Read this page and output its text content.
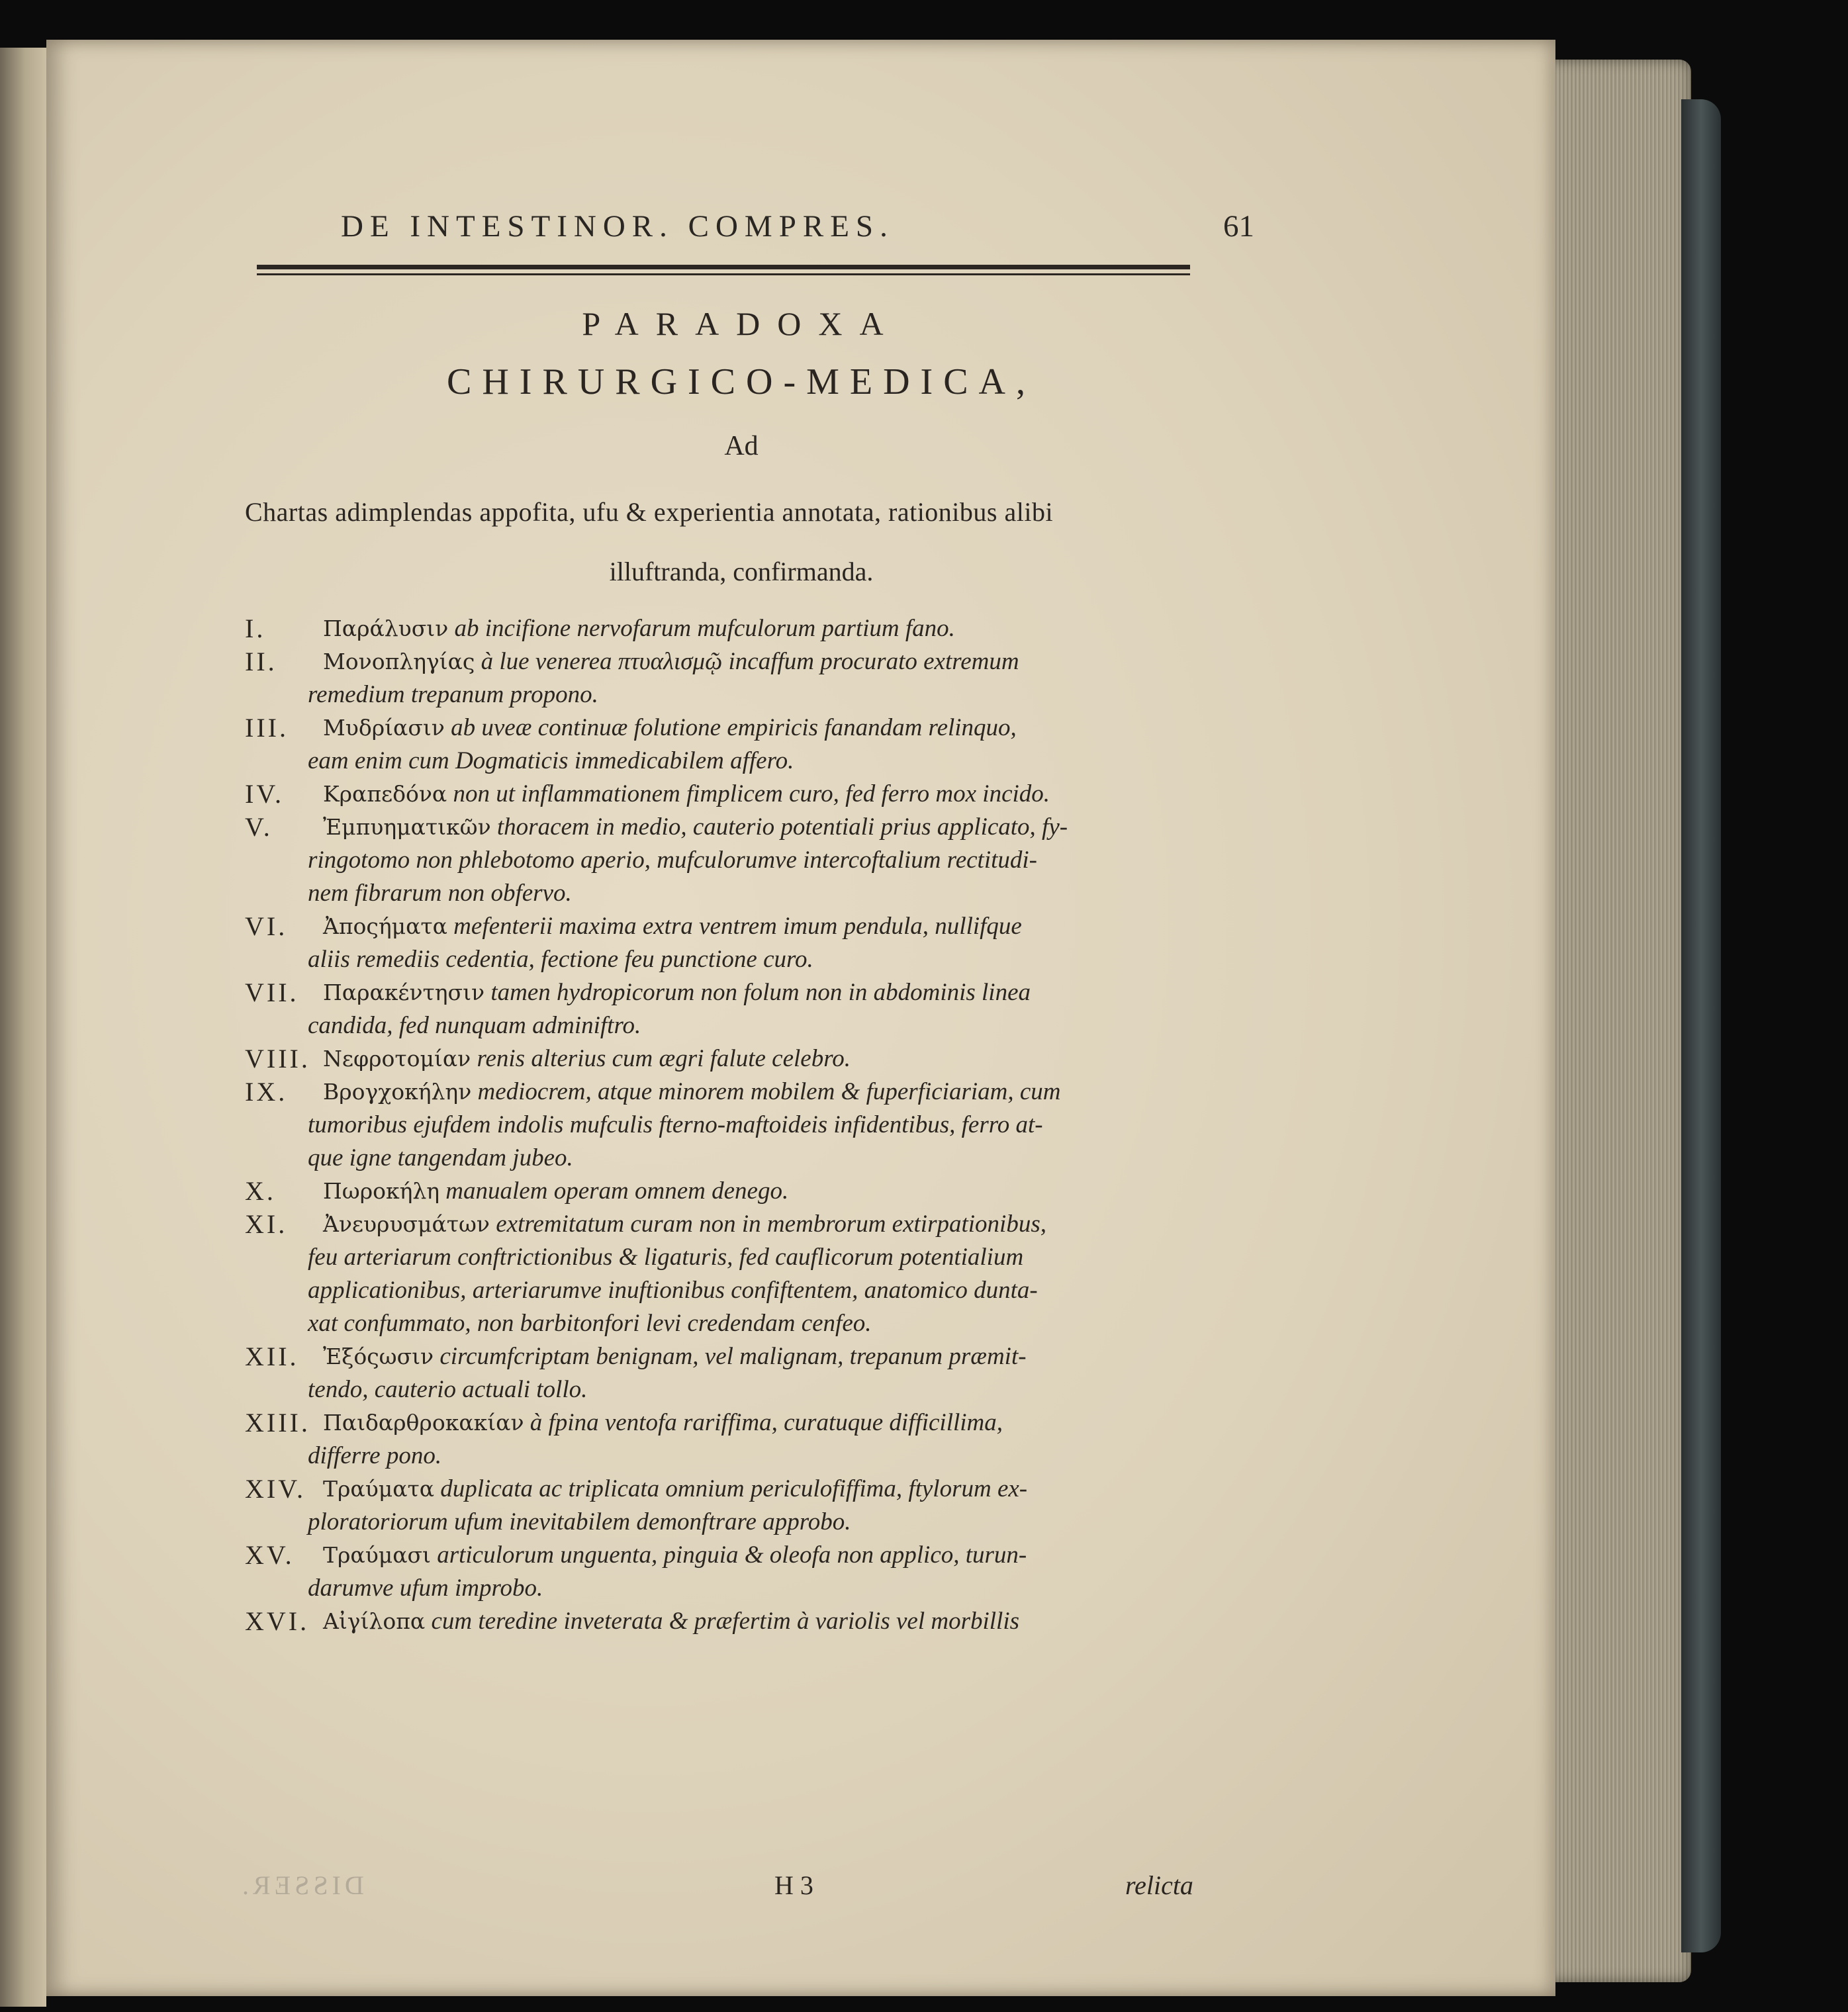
DE INTESTINOR. COMPRES.	61
PARADOXA
CHIRURGICO-MEDICA,
Ad
Chartas adimplendas appofita, ufu & experientia annotata, rationibus alibi
illuftranda, confirmanda.
I.	Παράλυσιν ab incifione nervofarum mufculorum partium fano.
II. Μονοπληγίας à lue venerea πτυαλισμῷ incaffum procurato extremum
remedium trepanum propono.
III. Μυδρίασιν ab uveæ continuæ folutione empiricis fanandam relinquo,
eam enim cum Dogmaticis immedicabilem affero.
IV. Κραπεδόνα non ut inflammationem fimplicem curo, fed ferro mox incido.
V. Ἐμπυηματικῶν thoracem in medio, cauterio potentiali prius applicato, fy-
ringotomo non phlebotomo aperio, mufculorumve intercoftalium rectitudi-
nem fibrarum non obfervo.
VI. Ἀποςήματα mefenterii maxima extra ventrem imum pendula, nullifque
aliis remediis cedentia, fectione feu punctione curo.
VII. Παρακέντησιν tamen hydropicorum non folum non in abdominis linea
candida, fed nunquam adminiftro.
VIII. Νεφροτομίαν renis alterius cum ægri falute celebro.
IX. Βρογχοκήλην mediocrem, atque minorem mobilem & fuperficiariam, cum
tumoribus ejufdem indolis mufculis fterno-maftoideis infidentibus, ferro at-
que igne tangendam jubeo.
X. Πωροκήλη manualem operam omnem denego.
XI. Ἀνευρυσμάτων extremitatum curam non in membrorum extirpationibus,
feu arteriarum conftrictionibus & ligaturis, fed cauflicorum potentialium
applicationibus, arteriarumve inuftionibus confiftentem, anatomico dunta-
xat confummato, non barbitonfori levi credendam cenfeo.
XII. Ἐξόςωσιν circumfcriptam benignam, vel malignam, trepanum præmit-
tendo, cauterio actuali tollo.
XIII. Παιδαρθροκακίαν à fpina ventofa rariffima, curatuque difficillima,
differre pono.
XIV. Τραύματα duplicata ac triplicata omnium periculofiffima, ftylorum ex-
ploratoriorum ufum inevitabilem demonftrare approbo.
XV. Τραύμασι articulorum unguenta, pinguia & oleofa non applico, turun-
darumve ufum improbo.
XVI. Αἰγίλοπα cum teredine inveterata & præfertim à variolis vel morbillis
DISSER.	H 3	relicta
